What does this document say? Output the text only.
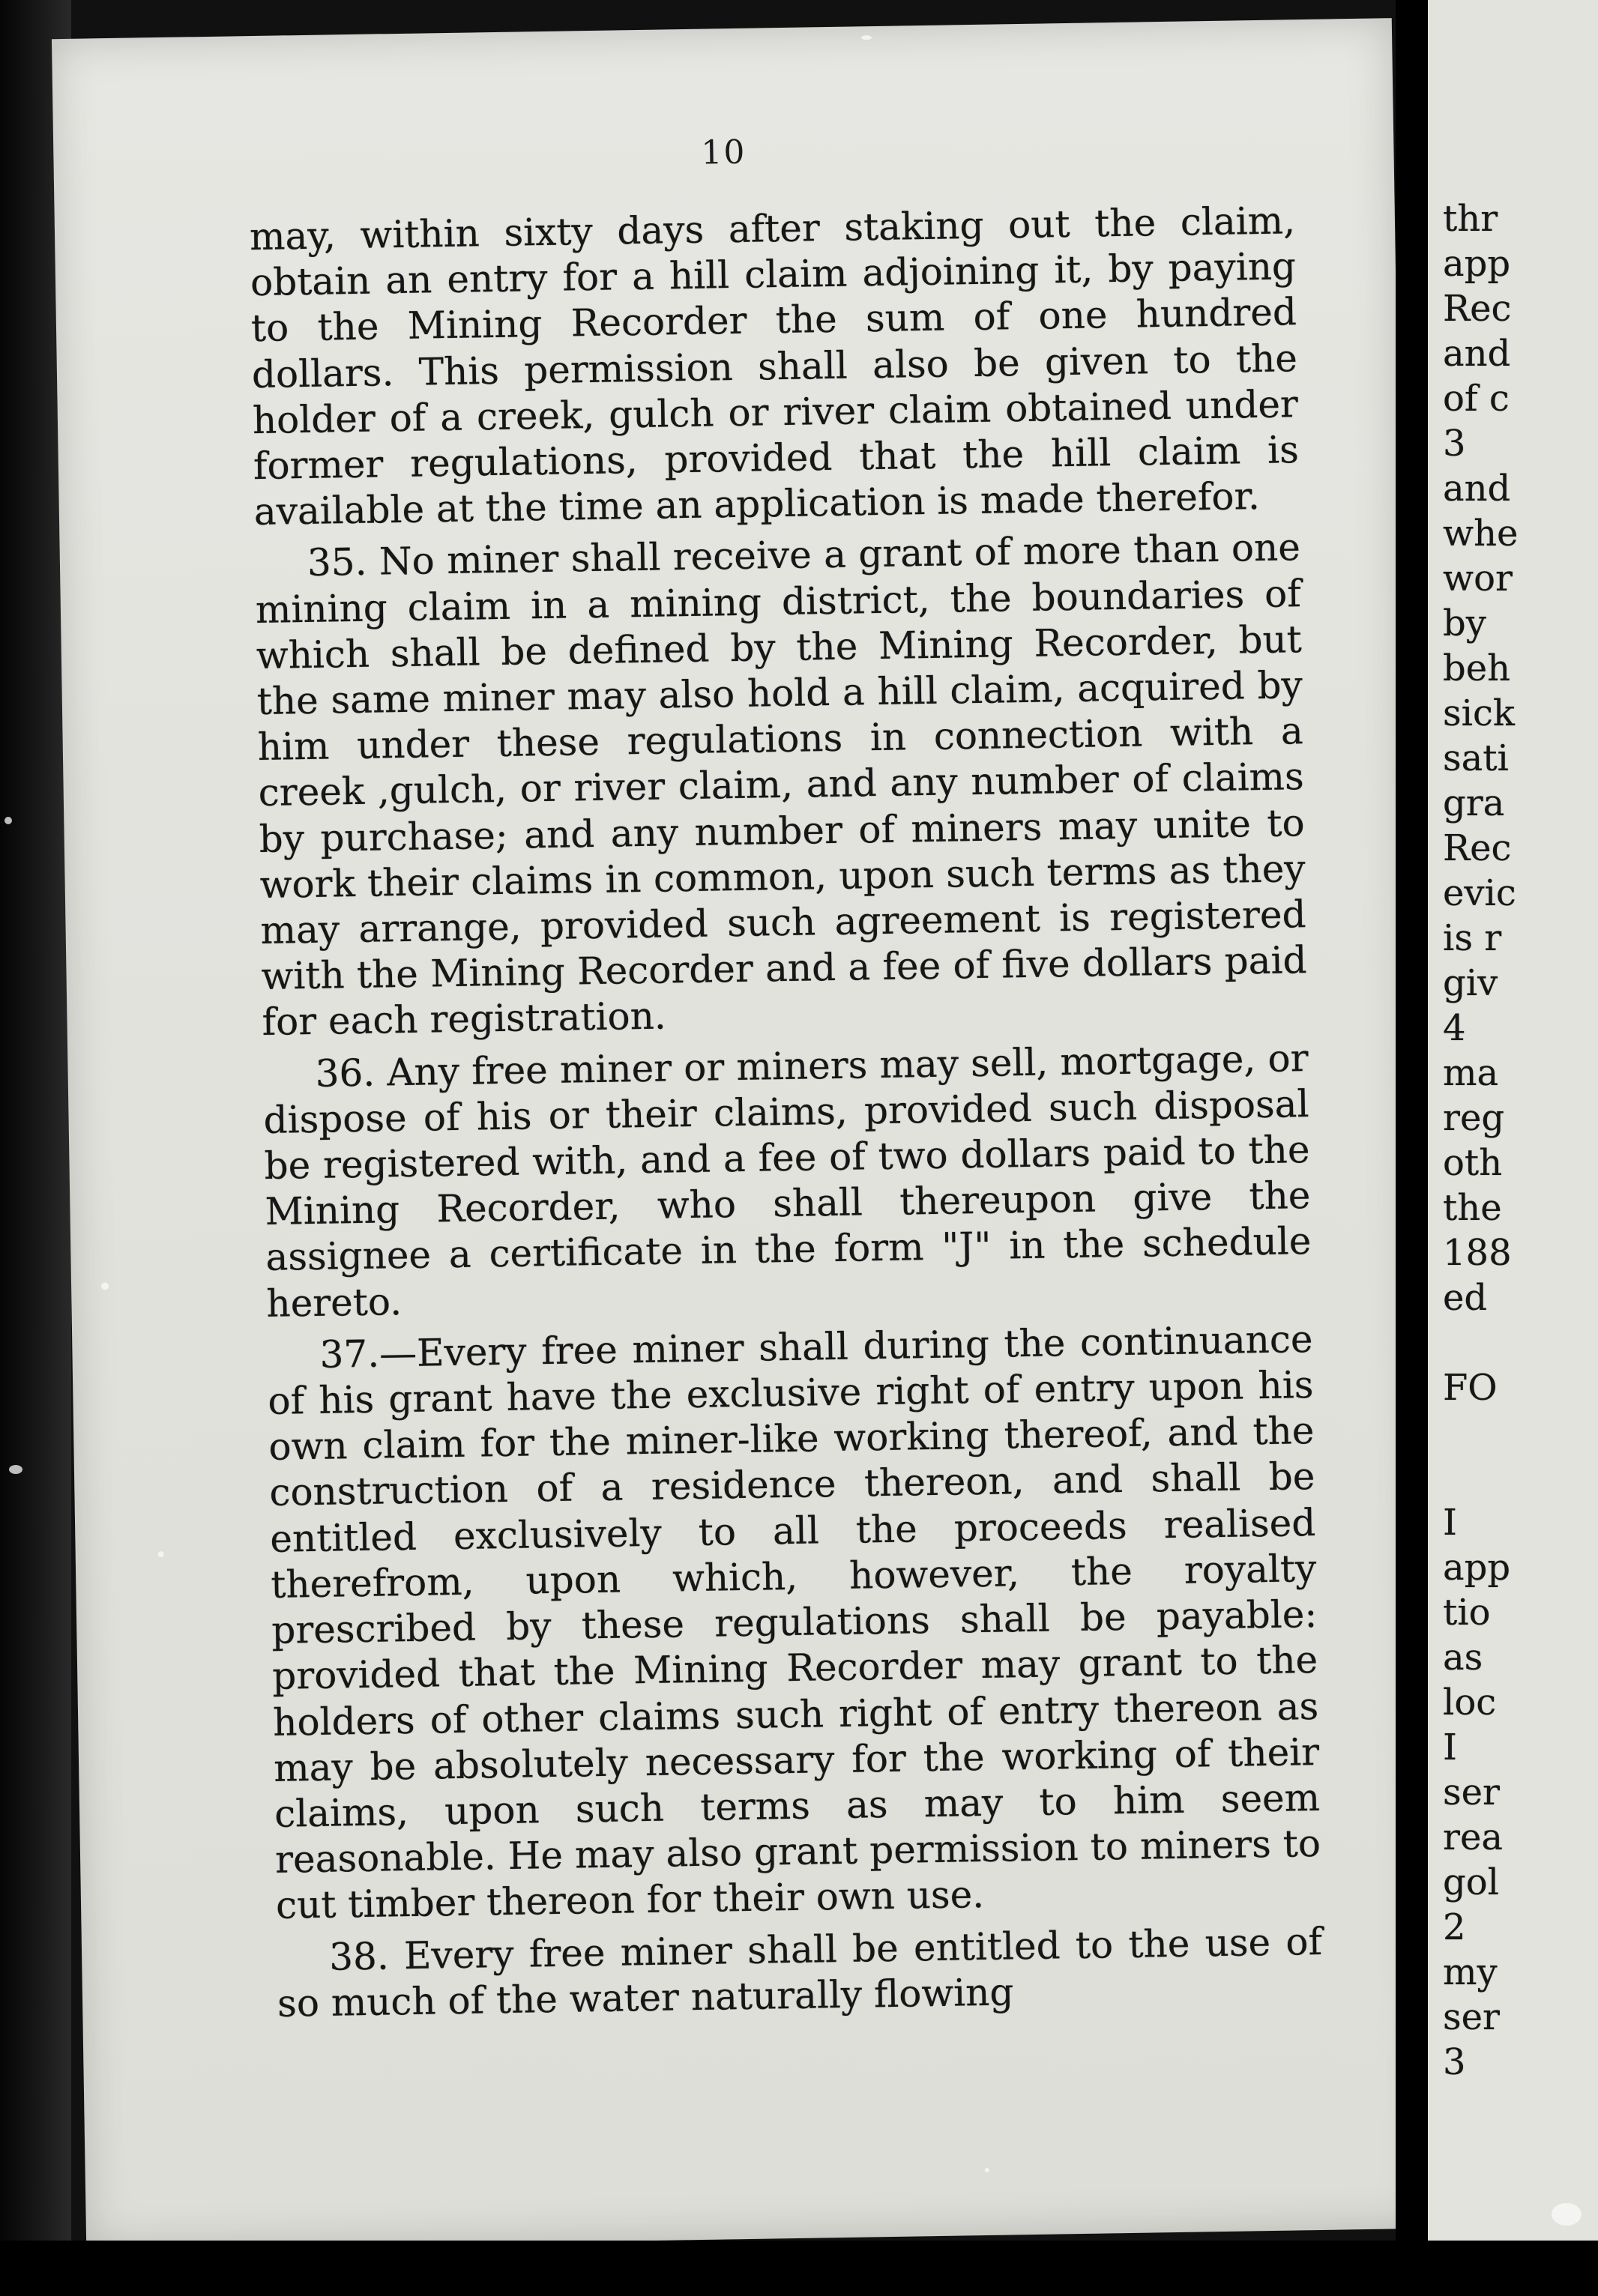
10

may, within sixty days after staking out the claim, obtain an entry for a hill claim adjoining it, by paying to the Mining Recorder the sum of one hundred dollars. This permission shall also be given to the holder of a creek, gulch or river claim obtained under former regulations, provided that the hill claim is available at the time an application is made therefor.

35. No miner shall receive a grant of more than one mining claim in a mining district, the boundaries of which shall be defined by the Mining Recorder, but the same miner may also hold a hill claim, acquired by him under these regulations in connection with a creek ,gulch, or river claim, and any number of claims by purchase; and any number of miners may unite to work their claims in common, upon such terms as they may arrange, provided such agreement is registered with the Mining Recorder and a fee of five dollars paid for each registration.

36. Any free miner or miners may sell, mortgage, or dispose of his or their claims, provided such disposal be registered with, and a fee of two dollars paid to the Mining Recorder, who shall thereupon give the assignee a certificate in the form "J" in the schedule hereto.

37.—Every free miner shall during the continuance of his grant have the exclusive right of entry upon his own claim for the miner-like working thereof, and the construction of a residence thereon, and shall be entitled exclusively to all the proceeds realised therefrom, upon which, however, the royalty prescribed by these regulations shall be payable: provided that the Mining Recorder may grant to the holders of other claims such right of entry thereon as may be absolutely necessary for the working of their claims, upon such terms as may to him seem reasonable. He may also grant permission to miners to cut timber thereon for their own use.

38. Every free miner shall be entitled to the use of so much of the water naturally flowing

thr
app
Rec
and
of c
3
and
whe
wor
by
beh
sick
sati
gra
Rec
evic
is r
giv
4
ma
reg
oth
the
188
ed
FO
I
app
tio
as
loc
I
ser
rea
gol
2
my
ser
3
